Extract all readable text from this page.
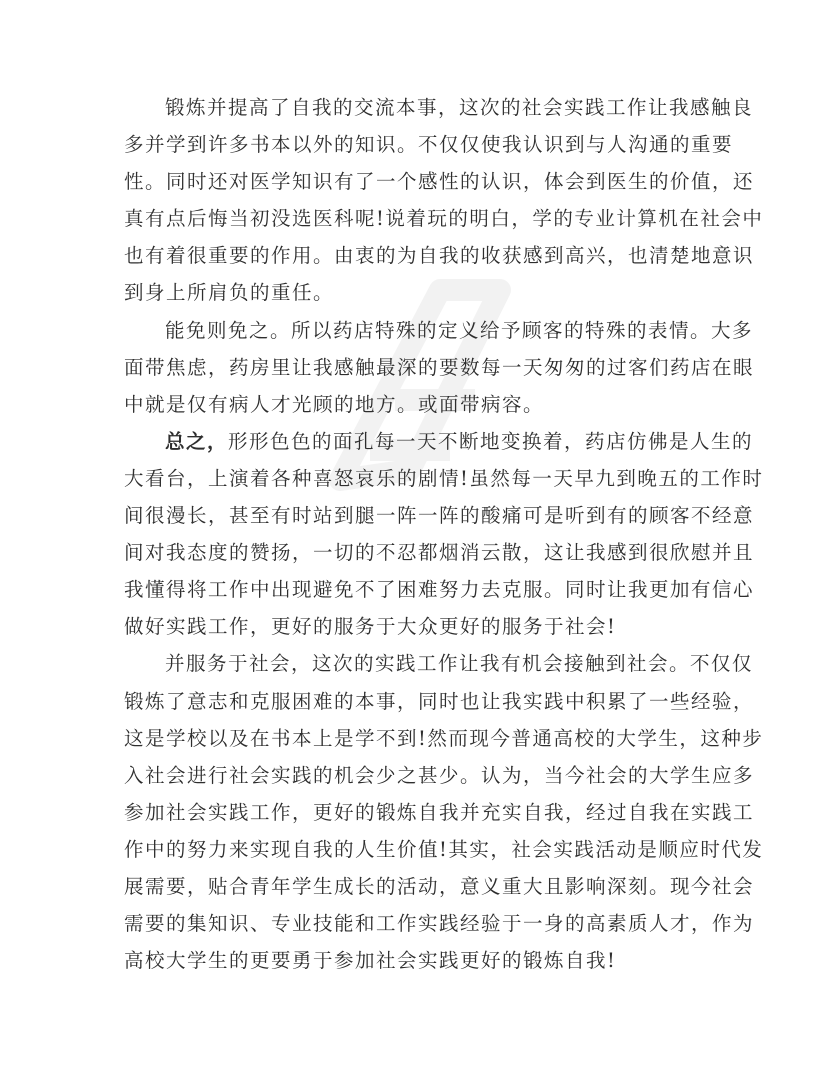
锻炼并提高了自我的交流本事，这次的社会实践工作让我感触良
多并学到许多书本以外的知识。不仅仅使我认识到与人沟通的重要
性。同时还对医学知识有了一个感性的认识，体会到医生的价值，还
真有点后悔当初没选医科呢!说着玩的明白，学的专业计算机在社会中
也有着很重要的作用。由衷的为自我的收获感到高兴，也清楚地意识
到身上所肩负的重任。
能免则免之。所以药店特殊的定义给予顾客的特殊的表情。大多
面带焦虑，药房里让我感触最深的要数每一天匆匆的过客们药店在眼
中就是仅有病人才光顾的地方。或面带病容。
总之，形形色色的面孔每一天不断地变换着，药店仿佛是人生的
大看台，上演着各种喜怒哀乐的剧情!虽然每一天早九到晚五的工作时
间很漫长，甚至有时站到腿一阵一阵的酸痛可是听到有的顾客不经意
间对我态度的赞扬，一切的不忍都烟消云散，这让我感到很欣慰并且
我懂得将工作中出现避免不了困难努力去克服。同时让我更加有信心
做好实践工作，更好的服务于大众更好的服务于社会!
并服务于社会，这次的实践工作让我有机会接触到社会。不仅仅
锻炼了意志和克服困难的本事，同时也让我实践中积累了一些经验，
这是学校以及在书本上是学不到!然而现今普通高校的大学生，这种步
入社会进行社会实践的机会少之甚少。认为，当今社会的大学生应多
参加社会实践工作，更好的锻炼自我并充实自我，经过自我在实践工
作中的努力来实现自我的人生价值!其实，社会实践活动是顺应时代发
展需要，贴合青年学生成长的活动，意义重大且影响深刻。现今社会
需要的集知识、专业技能和工作实践经验于一身的高素质人才，作为
高校大学生的更要勇于参加社会实践更好的锻炼自我!
